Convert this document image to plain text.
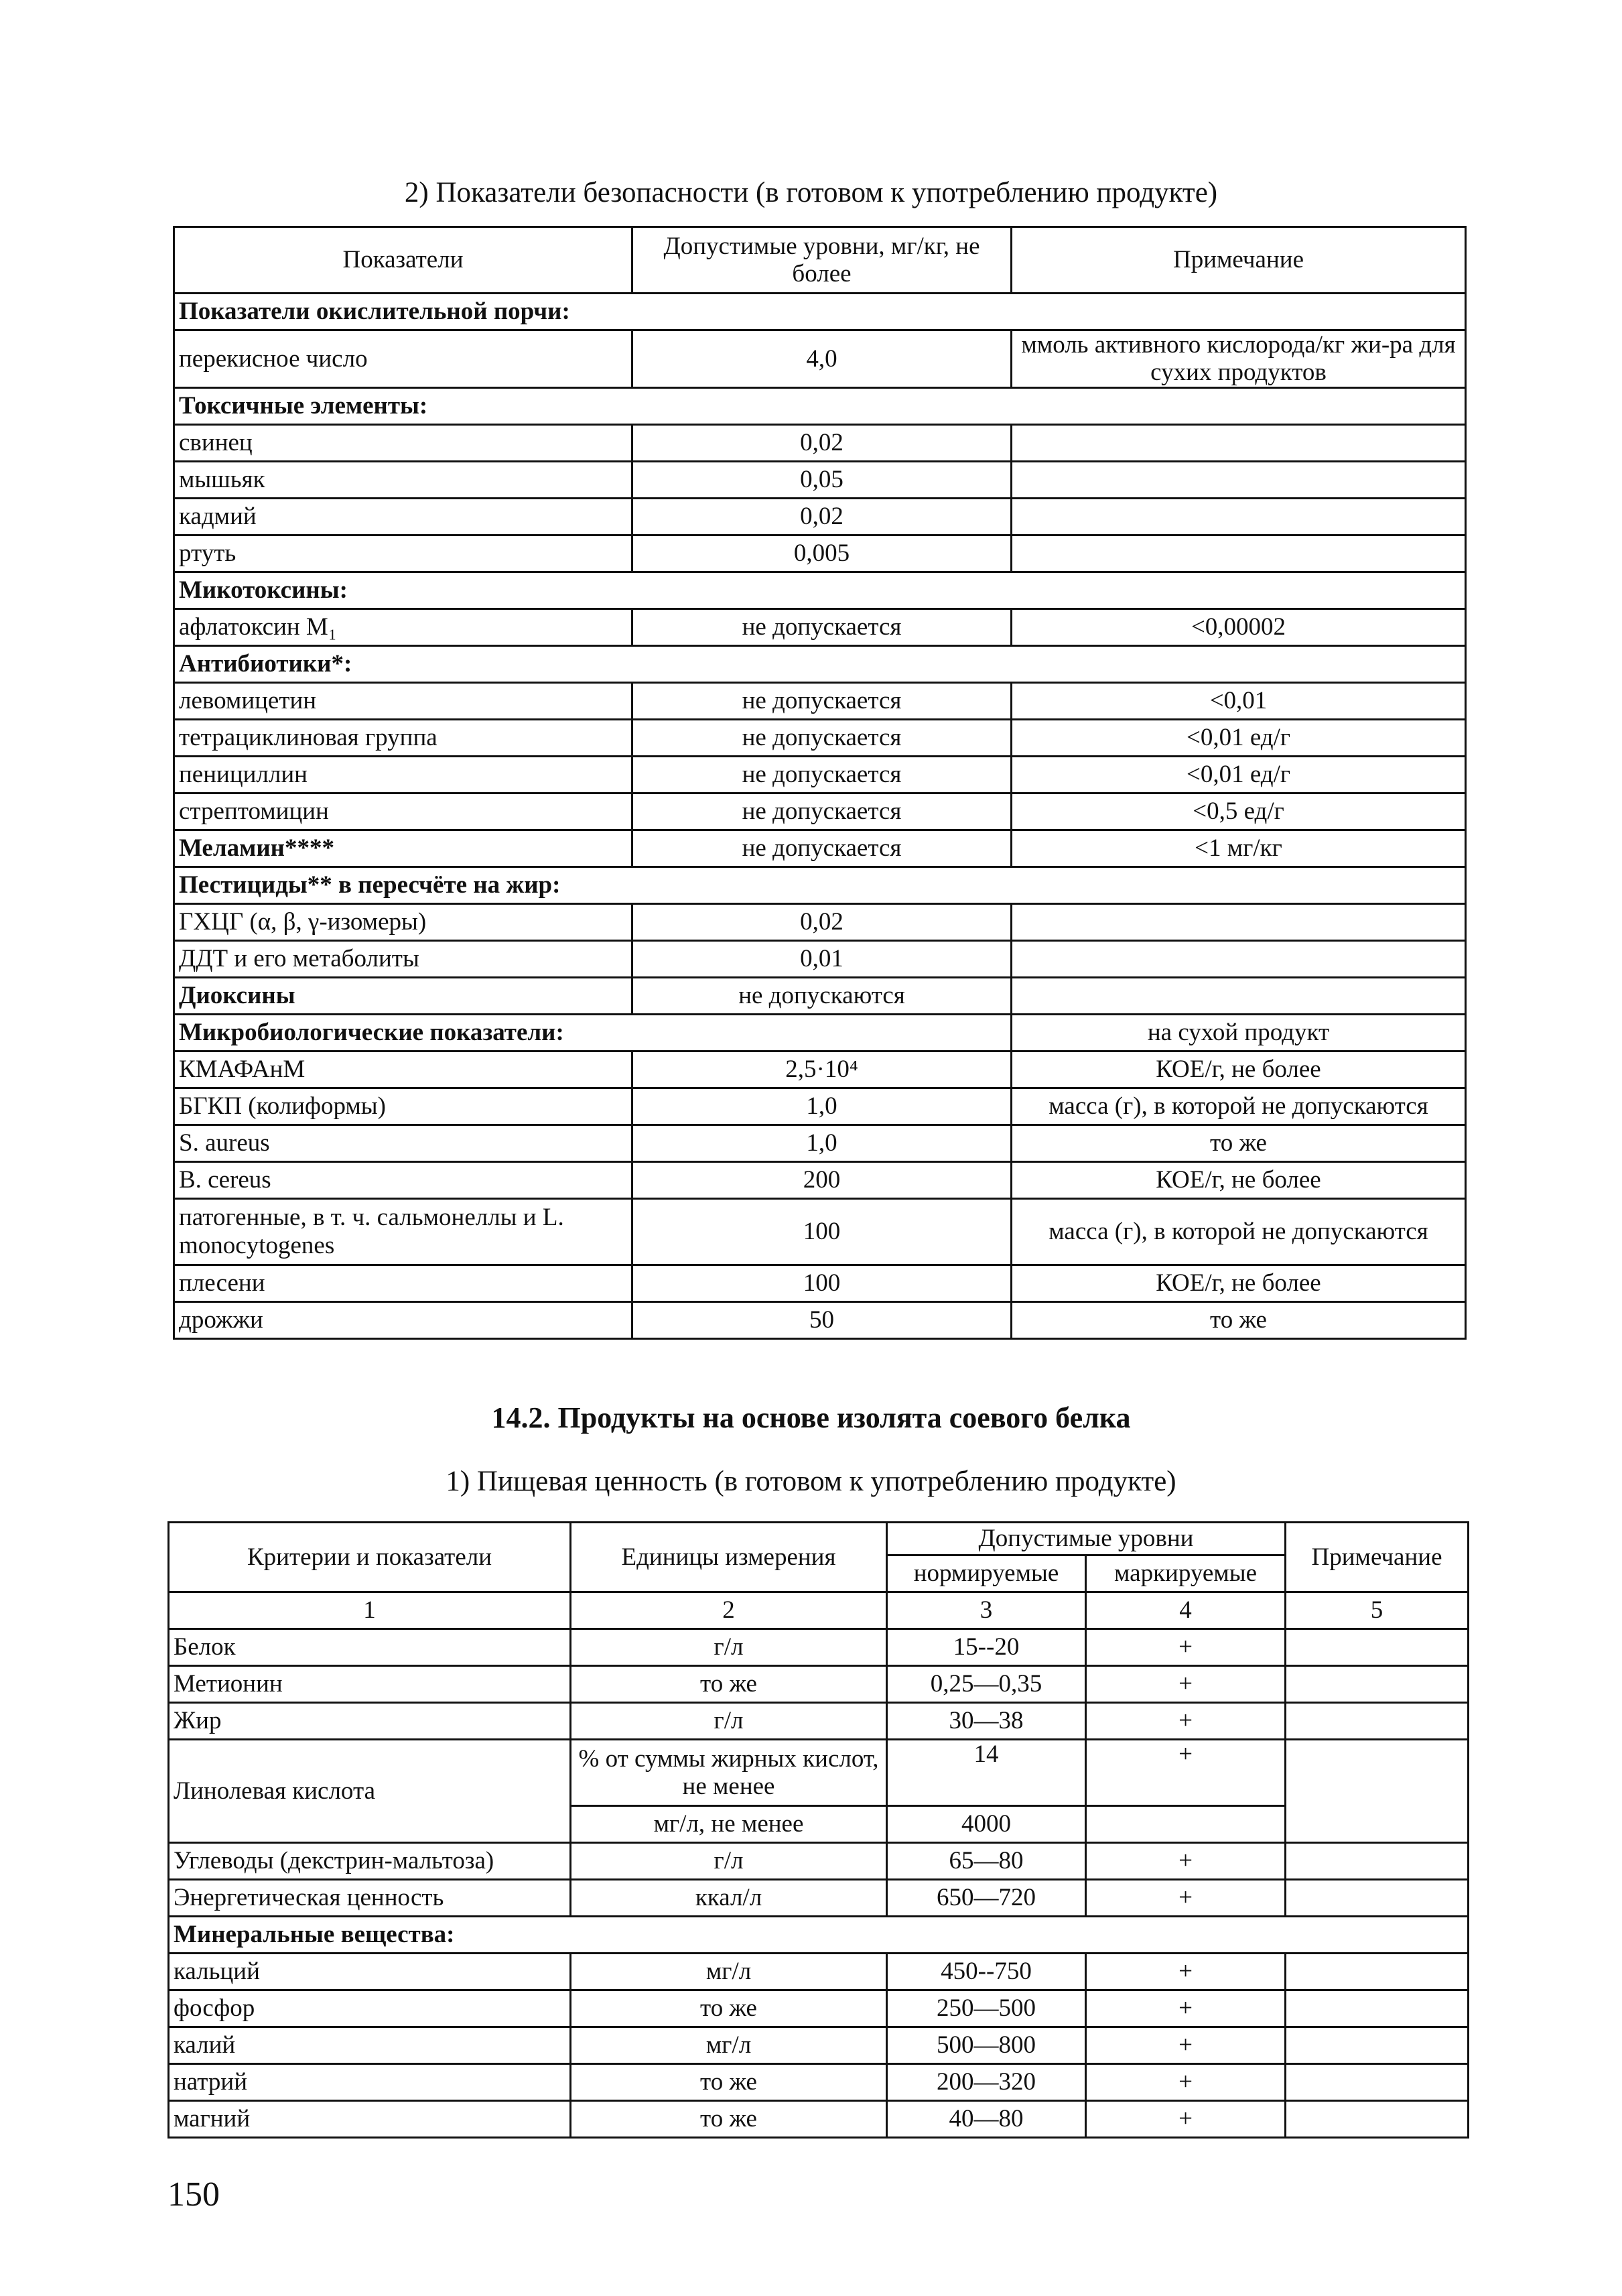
2) Показатели безопасности (в готовом к употреблению продукте)
Показатели	Допустимые уровни, мг/кг, не более	Примечание
Показатели окислительной порчи:		
перекисное число	4,0	ммоль активного кислорода/кг жи-ра для сухих продуктов
Токсичные элементы:		
свинец	0,02	
мышьяк	0,05	
кадмий	0,02	
ртуть	0,005	
Микотоксины:		
афлатоксин M₁	не допускается	<0,00002
Антибиотики*:		
левомицетин	не допускается	<0,01
тетрациклиновая группа	не допускается	<0,01 ед/г
пенициллин	не допускается	<0,01 ед/г
стрептомицин	не допускается	<0,5 ед/г
Меламин****	не допускается	<1 мг/кг
Пестициды** в пересчёте на жир:		
ГХЦГ (α, β, γ-изомеры)	0,02	
ДДТ и его метаболиты	0,01	
Диоксины	не допускаются	
Микробиологические показатели:		на сухой продукт
КМАФАнМ	2,5·10⁴	КОЕ/г, не более
БГКП (колиформы)	1,0	масса (г), в которой не допускаются
S. aureus	1,0	то же
B. cereus	200	КОЕ/г, не более
патогенные, в т. ч. сальмонеллы и L. monocytogenes	100	масса (г), в которой не допускаются
плесени	100	КОЕ/г, не более
дрожжи	50	то же
14.2. Продукты на основе изолята соевого белка
1) Пищевая ценность (в готовом к употреблению продукте)
Критерии и показатели	Единицы измерения	Допустимые уровни		Примечание
		нормируемые	маркируемые	
1	2	3	4	5
Белок	г/л	15--20	+	
Метионин	то же	0,25—0,35	+	
Жир	г/л	30—38	+	
Линолевая кислота	% от суммы жирных кислот, не менее	14	+	
	мг/л, не менее	4000		
Углеводы (декстрин-мальтоза)	г/л	65—80	+	
Энергетическая ценность	ккал/л	650—720	+	
Минеральные вещества:				
кальций	мг/л	450--750	+	
фосфор	то же	250—500	+	
калий	мг/л	500—800	+	
натрий	то же	200—320	+	
магний	то же	40—80	+	
150
